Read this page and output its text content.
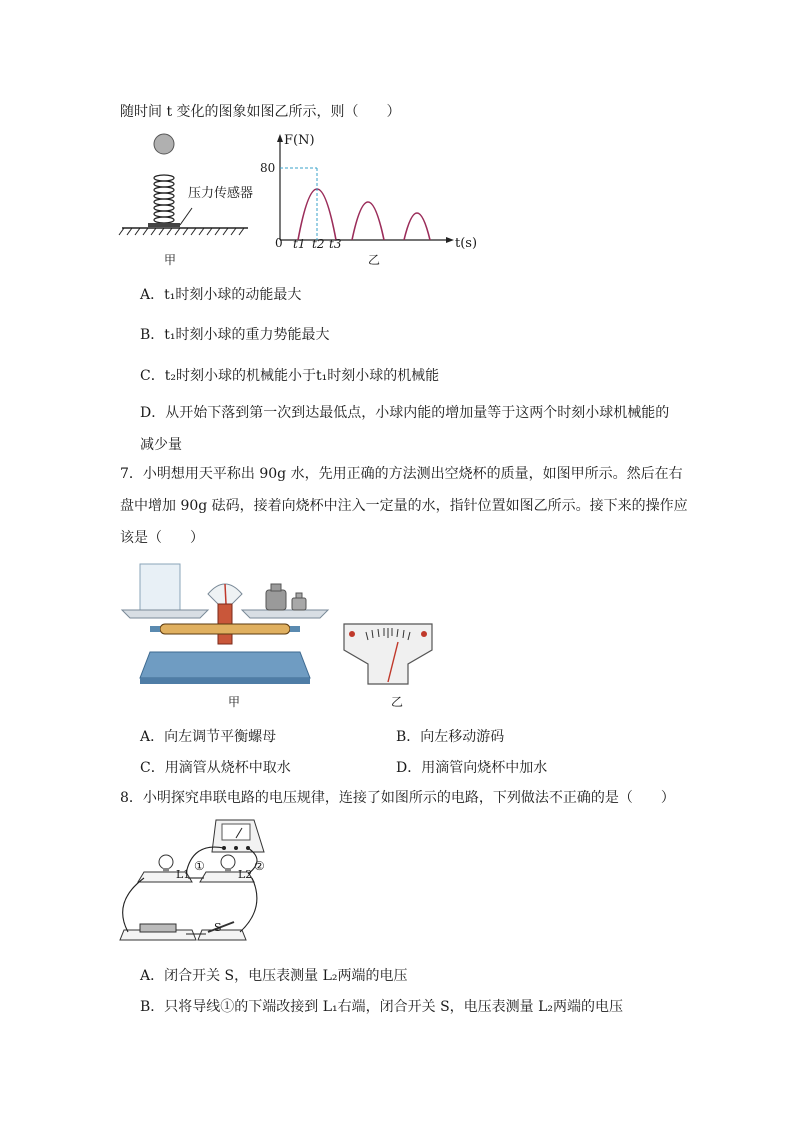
随时间 t 变化的图象如图乙所示，则（　　）
压力传感器
甲
F(N)
80
0 t1 t2 t3	t(s)
乙
A．t₁时刻小球的动能最大
B．t₁时刻小球的重力势能最大
C．t₂时刻小球的机械能小于t₁时刻小球的机械能
D．从开始下落到第一次到达最低点，小球内能的增加量等于这两个时刻小球机械能的
减少量
7．小明想用天平称出 90g 水，先用正确的方法测出空烧杯的质量，如图甲所示。然后在右
盘中增加 90g 砝码，接着向烧杯中注入一定量的水，指针位置如图乙所示。接下来的操作应
该是（　　）
甲	乙
A．向左调节平衡螺母	B．向左移动游码
C．用滴管从烧杯中取水	D．用滴管向烧杯中加水
8．小明探究串联电路的电压规律，连接了如图所示的电路，下列做法不正确的是（　　）
①	②
L1	L2
S
A．闭合开关 S，电压表测量 L₂两端的电压
B．只将导线①的下端改接到 L₁右端，闭合开关 S，电压表测量 L₂两端的电压
